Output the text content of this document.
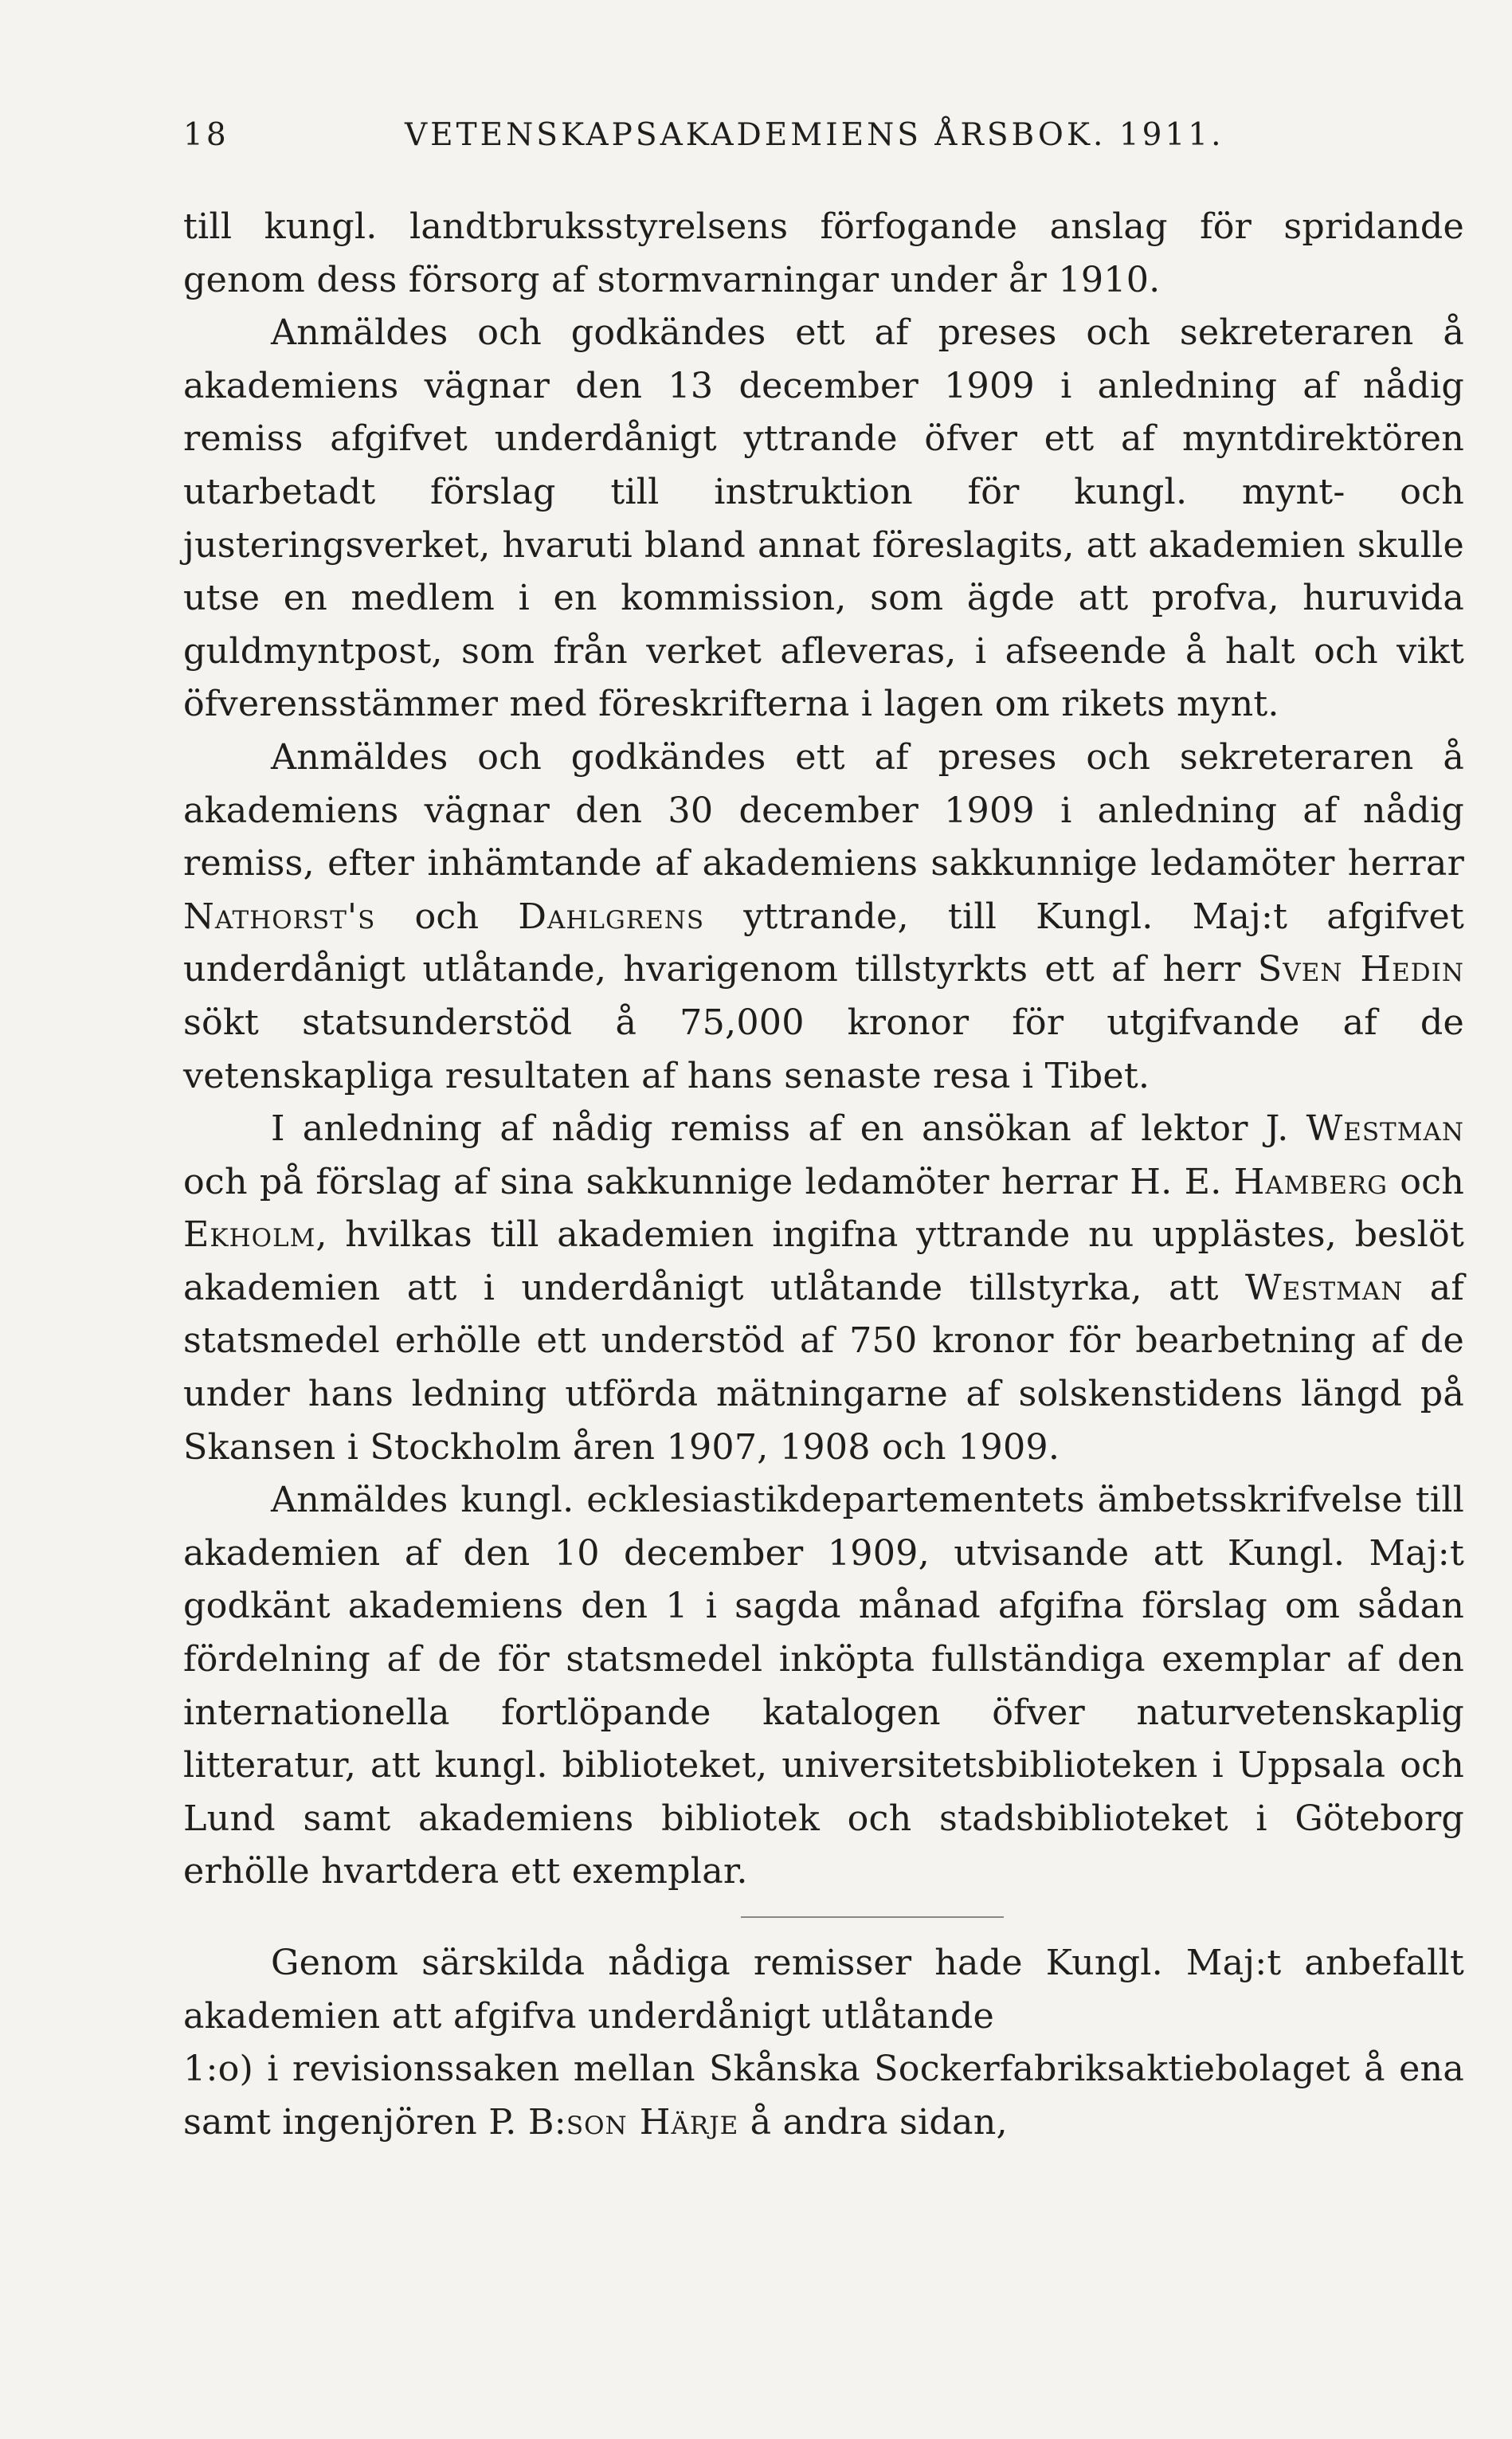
18	VETENSKAPSAKADEMIENS ÅRSBOK. 1911.

till kungl. landtbruksstyrelsens förfogande anslag för spridande genom dess försorg af stormvarningar under år 1910.

Anmäldes och godkändes ett af preses och sekreteraren å akademiens vägnar den 13 december 1909 i anledning af nådig remiss afgifvet underdånigt yttrande öfver ett af myntdirektören utarbetadt förslag till instruktion för kungl. mynt- och justeringsverket, hvaruti bland annat föreslagits, att akademien skulle utse en medlem i en kommission, som ägde att profva, huruvida guldmyntpost, som från verket afleveras, i afseende å halt och vikt öfverensstämmer med föreskrifterna i lagen om rikets mynt.

Anmäldes och godkändes ett af preses och sekreteraren å akademiens vägnar den 30 december 1909 i anledning af nådig remiss, efter inhämtande af akademiens sakkunnige ledamöter herrar Nathorst's och Dahlgrens yttrande, till Kungl. Maj:t afgifvet underdånigt utlåtande, hvarigenom tillstyrkts ett af herr Sven Hedin sökt statsunderstöd å 75,000 kronor för utgifvande af de vetenskapliga resultaten af hans senaste resa i Tibet.

I anledning af nådig remiss af en ansökan af lektor J. Westman och på förslag af sina sakkunnige ledamöter herrar H. E. Hamberg och Ekholm, hvilkas till akademien ingifna yttrande nu upplästes, beslöt akademien att i underdånigt utlåtande tillstyrka, att Westman af statsmedel erhölle ett understöd af 750 kronor för bearbetning af de under hans ledning utförda mätningarne af solskenstidens längd på Skansen i Stockholm åren 1907, 1908 och 1909.

Anmäldes kungl. ecklesiastikdepartementets ämbetsskrifvelse till akademien af den 10 december 1909, utvisande att Kungl. Maj:t godkänt akademiens den 1 i sagda månad afgifna förslag om sådan fördelning af de för statsmedel inköpta fullständiga exemplar af den internationella fortlöpande katalogen öfver naturvetenskaplig litteratur, att kungl. biblioteket, universitetsbiblioteken i Uppsala och Lund samt akademiens bibliotek och stadsbiblioteket i Göteborg erhölle hvartdera ett exemplar.

Genom särskilda nådiga remisser hade Kungl. Maj:t anbefallt akademien att afgifva underdånigt utlåtande

1:o) i revisionssaken mellan Skånska Sockerfabriksaktiebolaget å ena samt ingenjören P. B:son Härje å andra sidan,
